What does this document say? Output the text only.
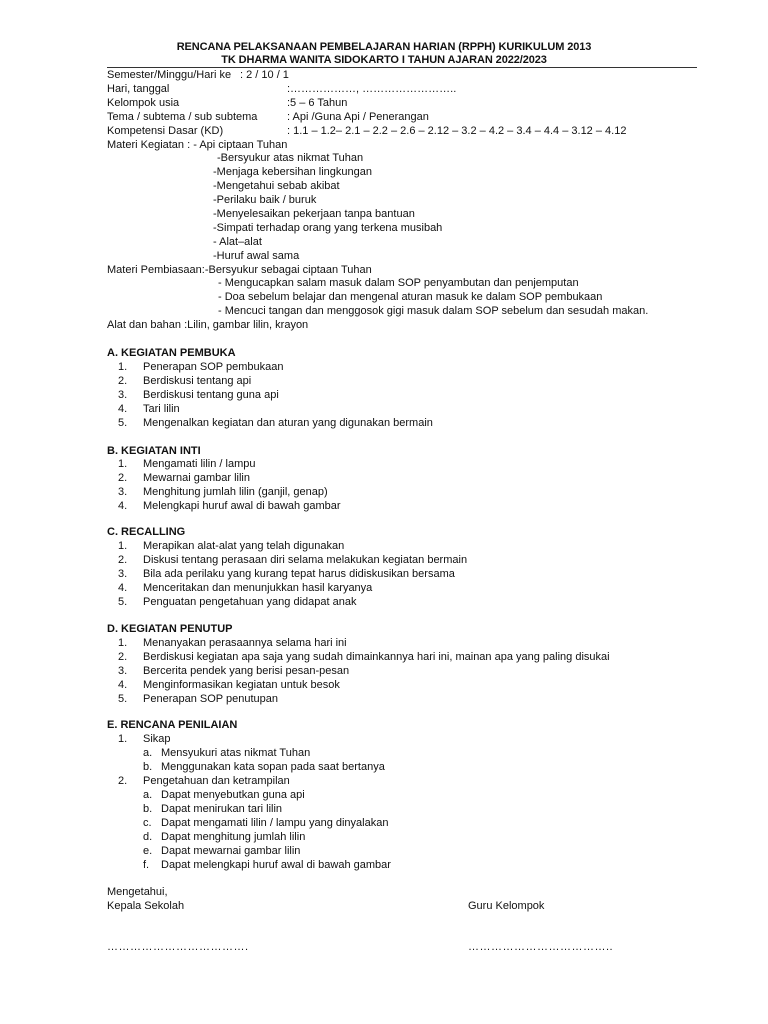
RENCANA PELAKSANAAN PEMBELAJARAN HARIAN (RPPH) KURIKULUM 2013
TK DHARMA WANITA SIDOKARTO I TAHUN AJARAN 2022/2023
Semester/Minggu/Hari ke : 2 / 10 / 1
Hari, tanggal	:………………, ……………………..
Kelompok usia	:5 – 6 Tahun
Tema / subtema / sub subtema	: Api /Guna Api / Penerangan
Kompetensi Dasar (KD)	: 1.1 – 1.2– 2.1 – 2.2 – 2.6 – 2.12 – 3.2 – 4.2 – 3.4 – 4.4 – 3.12 – 4.12
Materi Kegiatan : - Api ciptaan Tuhan
-Bersyukur atas nikmat Tuhan
-Menjaga kebersihan lingkungan
-Mengetahui sebab akibat
-Perilaku baik / buruk
-Menyelesaikan pekerjaan tanpa bantuan
-Simpati terhadap orang yang terkena musibah
- Alat–alat
-Huruf awal sama
Materi Pembiasaan:-Bersyukur sebagai ciptaan Tuhan
- Mengucapkan salam masuk dalam SOP penyambutan dan penjemputan
- Doa sebelum belajar dan mengenal aturan masuk ke dalam SOP pembukaan
- Mencuci tangan dan menggosok gigi masuk dalam SOP sebelum dan sesudah makan.
Alat dan bahan :Lilin, gambar lilin, krayon
A. KEGIATAN PEMBUKA
1. Penerapan SOP pembukaan
2. Berdiskusi tentang api
3. Berdiskusi tentang guna api
4. Tari lilin
5. Mengenalkan kegiatan dan aturan yang digunakan bermain
B. KEGIATAN INTI
1. Mengamati lilin / lampu
2. Mewarnai gambar lilin
3. Menghitung jumlah lilin (ganjil, genap)
4. Melengkapi huruf awal di bawah gambar
C. RECALLING
1. Merapikan alat-alat yang telah digunakan
2. Diskusi tentang perasaan diri selama melakukan kegiatan bermain
3. Bila ada perilaku yang kurang tepat harus didiskusikan bersama
4. Menceritakan dan menunjukkan hasil karyanya
5. Penguatan pengetahuan yang didapat anak
D. KEGIATAN PENUTUP
1. Menanyakan perasaannya selama hari ini
2. Berdiskusi kegiatan apa saja yang sudah dimainkannya hari ini, mainan apa yang paling disukai
3. Bercerita pendek yang berisi pesan-pesan
4. Menginformasikan kegiatan untuk besok
5. Penerapan SOP penutupan
E. RENCANA PENILAIAN
1. Sikap
a. Mensyukuri atas nikmat Tuhan
b. Menggunakan kata sopan pada saat bertanya
2. Pengetahuan dan ketrampilan
a. Dapat menyebutkan guna api
b. Dapat menirukan tari lilin
c. Dapat mengamati lilin / lampu yang dinyalakan
d. Dapat menghitung jumlah lilin
e. Dapat mewarnai gambar lilin
f. Dapat melengkapi huruf awal di bawah gambar
Mengetahui,
Kepala Sekolah	Guru Kelompok
……………………………….	………………………………..
